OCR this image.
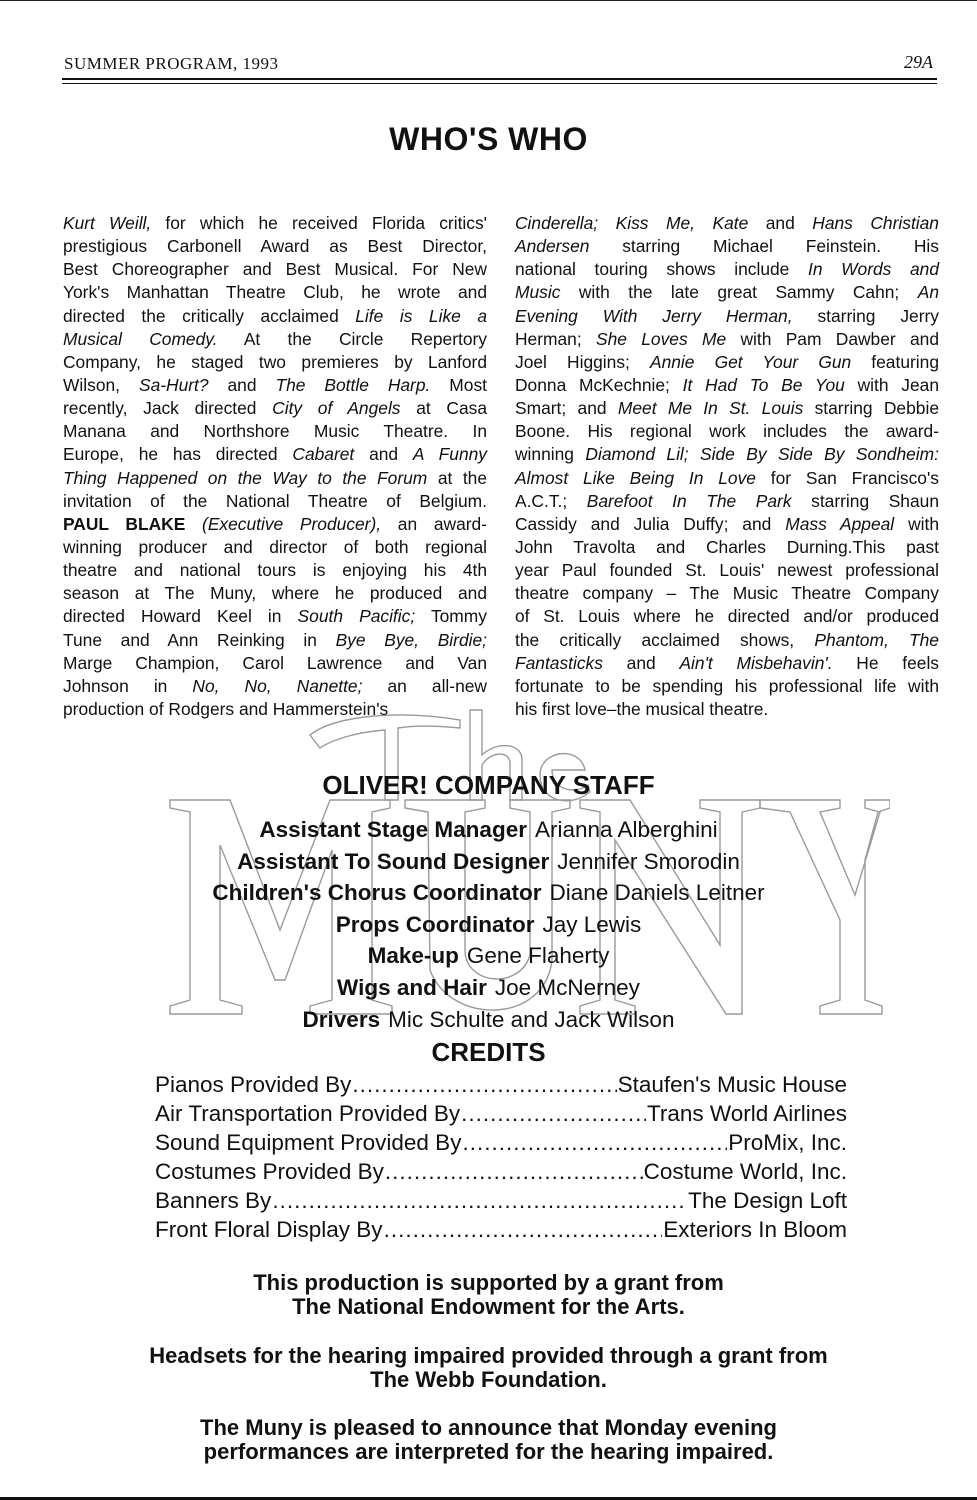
SUMMER PROGRAM, 1993	29A
WHO'S WHO
Kurt Weill, for which he received Florida critics'
prestigious Carbonell Award as Best Director,
Best Choreographer and Best Musical. For New
York's Manhattan Theatre Club, he wrote and
directed the critically acclaimed Life is Like a
Musical Comedy. At the Circle Repertory
Company, he staged two premieres by Lanford
Wilson, Sa-Hurt? and The Bottle Harp. Most
recently, Jack directed City of Angels at Casa
Manana and Northshore Music Theatre. In
Europe, he has directed Cabaret and A Funny
Thing Happened on the Way to the Forum at the
invitation of the National Theatre of Belgium.
PAUL BLAKE (Executive Producer), an award-
winning producer and director of both regional
theatre and national tours is enjoying his 4th
season at The Muny, where he produced and
directed Howard Keel in South Pacific; Tommy
Tune and Ann Reinking in Bye Bye, Birdie;
Marge Champion, Carol Lawrence and Van
Johnson in No, No, Nanette; an all-new
production of Rodgers and Hammerstein's
Cinderella; Kiss Me, Kate and Hans Christian
Andersen starring Michael Feinstein. His
national touring shows include In Words and
Music with the late great Sammy Cahn; An
Evening With Jerry Herman, starring Jerry
Herman; She Loves Me with Pam Dawber and
Joel Higgins; Annie Get Your Gun featuring
Donna McKechnie; It Had To Be You with Jean
Smart; and Meet Me In St. Louis starring Debbie
Boone. His regional work includes the award-
winning Diamond Lil; Side By Side By Sondheim:
Almost Like Being In Love for San Francisco's
A.C.T.; Barefoot In The Park starring Shaun
Cassidy and Julia Duffy; and Mass Appeal with
John Travolta and Charles Durning.This past
year Paul founded St. Louis' newest professional
theatre company – The Music Theatre Company
of St. Louis where he directed and/or produced
the critically acclaimed shows, Phantom, The
Fantasticks and Ain't Misbehavin'. He feels
fortunate to be spending his professional life with
his first love–the musical theatre.
OLIVER! COMPANY STAFF
Assistant Stage Manager Arianna Alberghini
Assistant To Sound Designer Jennifer Smorodin
Children's Chorus Coordinator Diane Daniels Leitner
Props Coordinator Jay Lewis
Make-up Gene Flaherty
Wigs and Hair Joe McNerney
Drivers Mic Schulte and Jack Wilson
CREDITS
Pianos Provided By .....	Staufen's Music House
Air Transportation Provided By .....	Trans World Airlines
Sound Equipment Provided By .....	ProMix, Inc.
Costumes Provided By .....	Costume World, Inc.
Banners By .....	The Design Loft
Front Floral Display By .....	Exteriors In Bloom
This production is supported by a grant from
The National Endowment for the Arts.
Headsets for the hearing impaired provided through a grant from
The Webb Foundation.
The Muny is pleased to announce that Monday evening
performances are interpreted for the hearing impaired.
